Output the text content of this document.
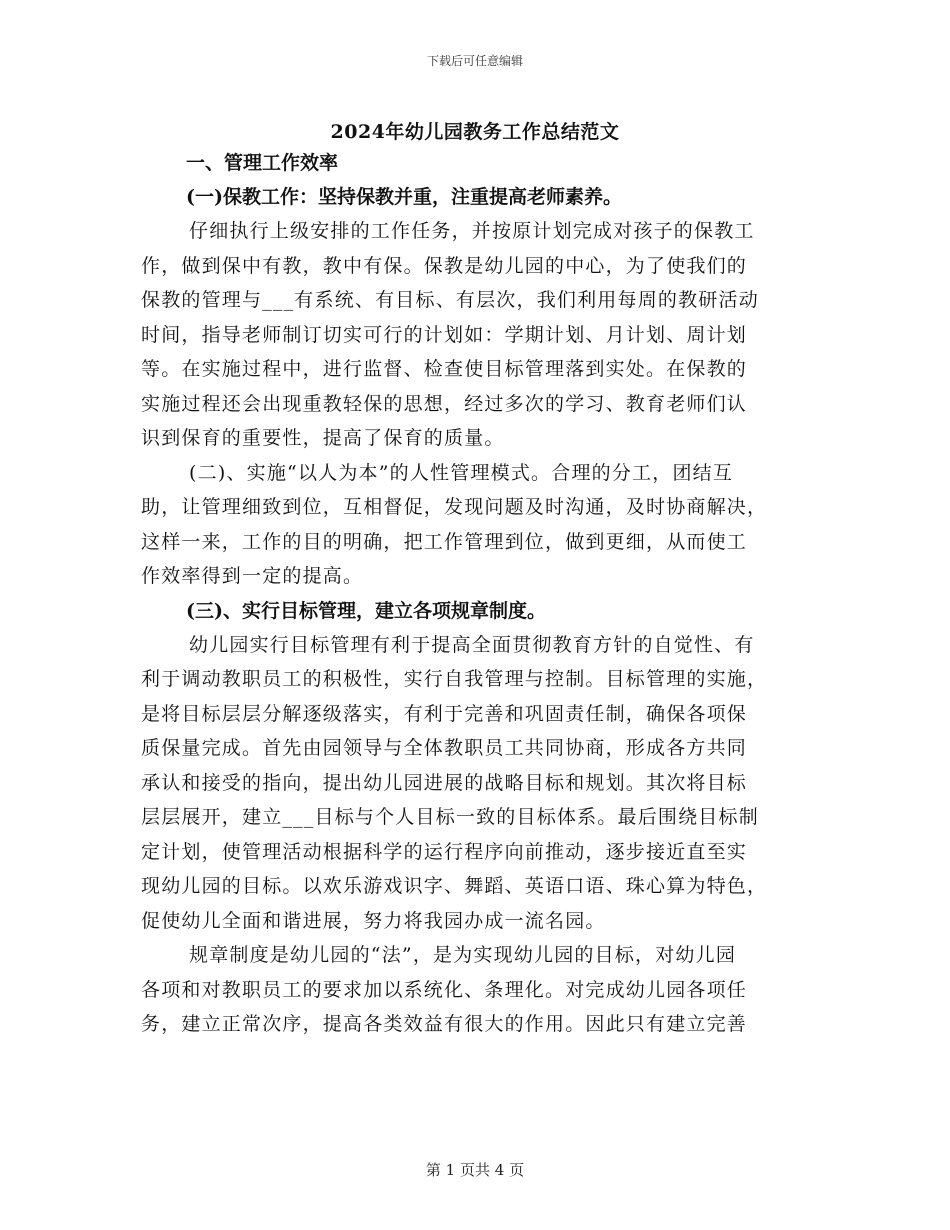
下载后可任意编辑
2024年幼儿园教务工作总结范文
一、管理工作效率
(一)保教工作：坚持保教并重，注重提高老师素养。

仔细执行上级安排的工作任务，并按原计划完成对孩子的保教工
作，做到保中有教，教中有保。保教是幼儿园的中心，为了使我们的
保教的管理与___有系统、有目标、有层次，我们利用每周的教研活动
时间，指导老师制订切实可行的计划如：学期计划、月计划、周计划
等。在实施过程中，进行监督、检查使目标管理落到实处。在保教的
实施过程还会出现重教轻保的思想，经过多次的学习、教育老师们认
识到保育的重要性，提高了保育的质量。

(二)、实施“以人为本”的人性管理模式。合理的分工，团结互
助，让管理细致到位，互相督促，发现问题及时沟通，及时协商解决，
这样一来，工作的目的明确，把工作管理到位，做到更细，从而使工
作效率得到一定的提高。

(三)、实行目标管理，建立各项规章制度。

幼儿园实行目标管理有利于提高全面贯彻教育方针的自觉性、有
利于调动教职员工的积极性，实行自我管理与控制。目标管理的实施，
是将目标层层分解逐级落实，有利于完善和巩固责任制，确保各项保
质保量完成。首先由园领导与全体教职员工共同协商，形成各方共同
承认和接受的指向，提出幼儿园进展的战略目标和规划。其次将目标
层层展开，建立___目标与个人目标一致的目标体系。最后围绕目标制
定计划，使管理活动根据科学的运行程序向前推动，逐步接近直至实
现幼儿园的目标。以欢乐游戏识字、舞蹈、英语口语、珠心算为特色，
促使幼儿全面和谐进展，努力将我园办成一流名园。

规章制度是幼儿园的“法”，是为实现幼儿园的目标，对幼儿园
各项和对教职员工的要求加以系统化、条理化。对完成幼儿园各项任
务，建立正常次序，提高各类效益有很大的作用。因此只有建立完善

第 1 页共 4 页
